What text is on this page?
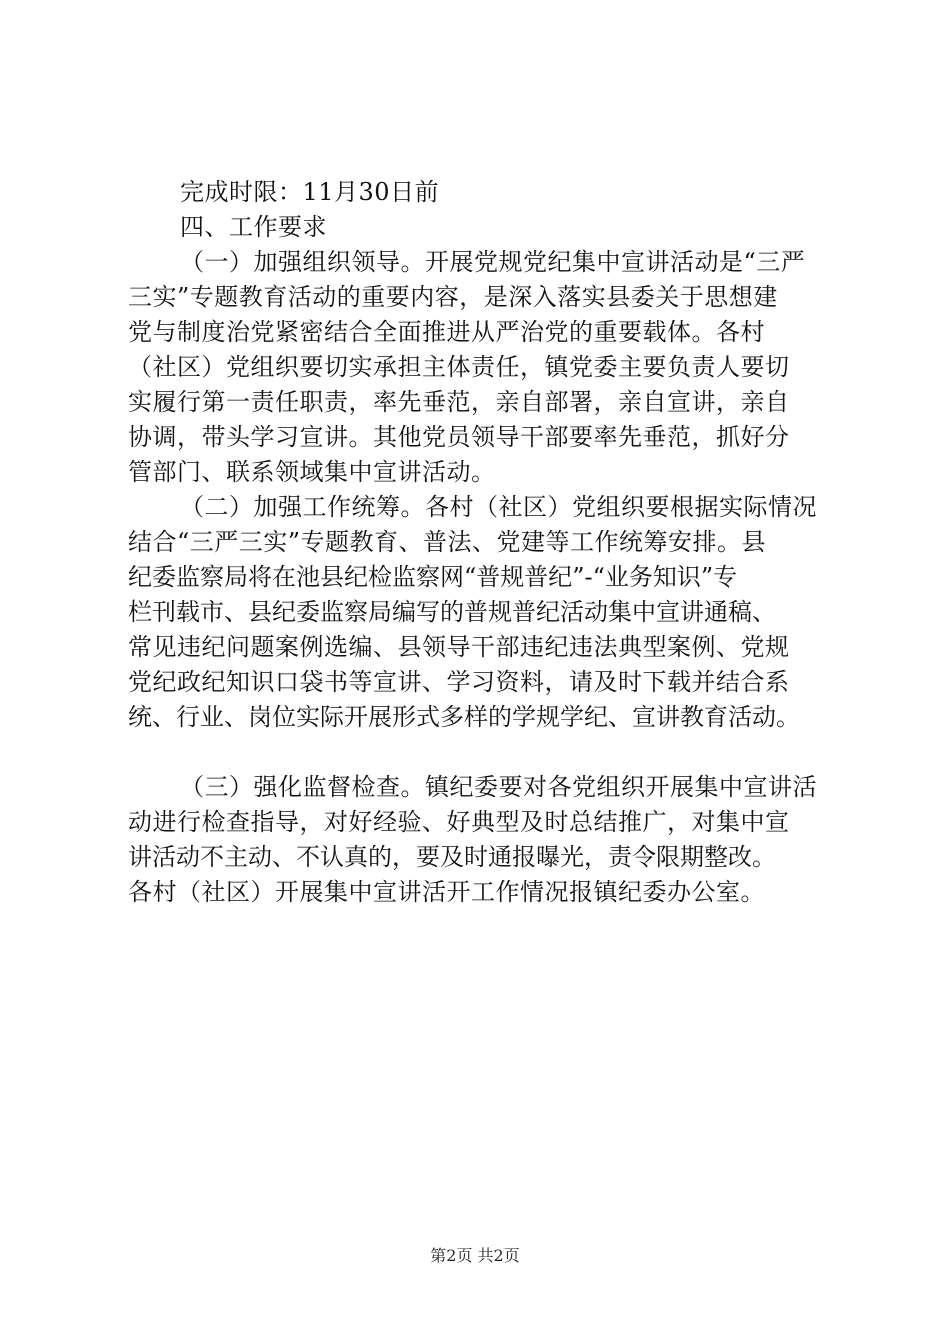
完成时限：11月30日前
四、工作要求
（一）加强组织领导。开展党规党纪集中宣讲活动是“三严
三实”专题教育活动的重要内容，是深入落实县委关于思想建
党与制度治党紧密结合全面推进从严治党的重要载体。各村
（社区）党组织要切实承担主体责任，镇党委主要负责人要切
实履行第一责任职责，率先垂范，亲自部署，亲自宣讲，亲自
协调，带头学习宣讲。其他党员领导干部要率先垂范，抓好分
管部门、联系领域集中宣讲活动。
（二）加强工作统筹。各村（社区）党组织要根据实际情况
结合“三严三实”专题教育、普法、党建等工作统筹安排。县
纪委监察局将在池县纪检监察网“普规普纪”-“业务知识”专
栏刊载市、县纪委监察局编写的普规普纪活动集中宣讲通稿、
常见违纪问题案例选编、县领导干部违纪违法典型案例、党规
党纪政纪知识口袋书等宣讲、学习资料，请及时下载并结合系
统、行业、岗位实际开展形式多样的学规学纪、宣讲教育活动。
（三）强化监督检查。镇纪委要对各党组织开展集中宣讲活
动进行检查指导，对好经验、好典型及时总结推广，对集中宣
讲活动不主动、不认真的，要及时通报曝光，责令限期整改。
各村（社区）开展集中宣讲活开工作情况报镇纪委办公室。
第2页 共2页
